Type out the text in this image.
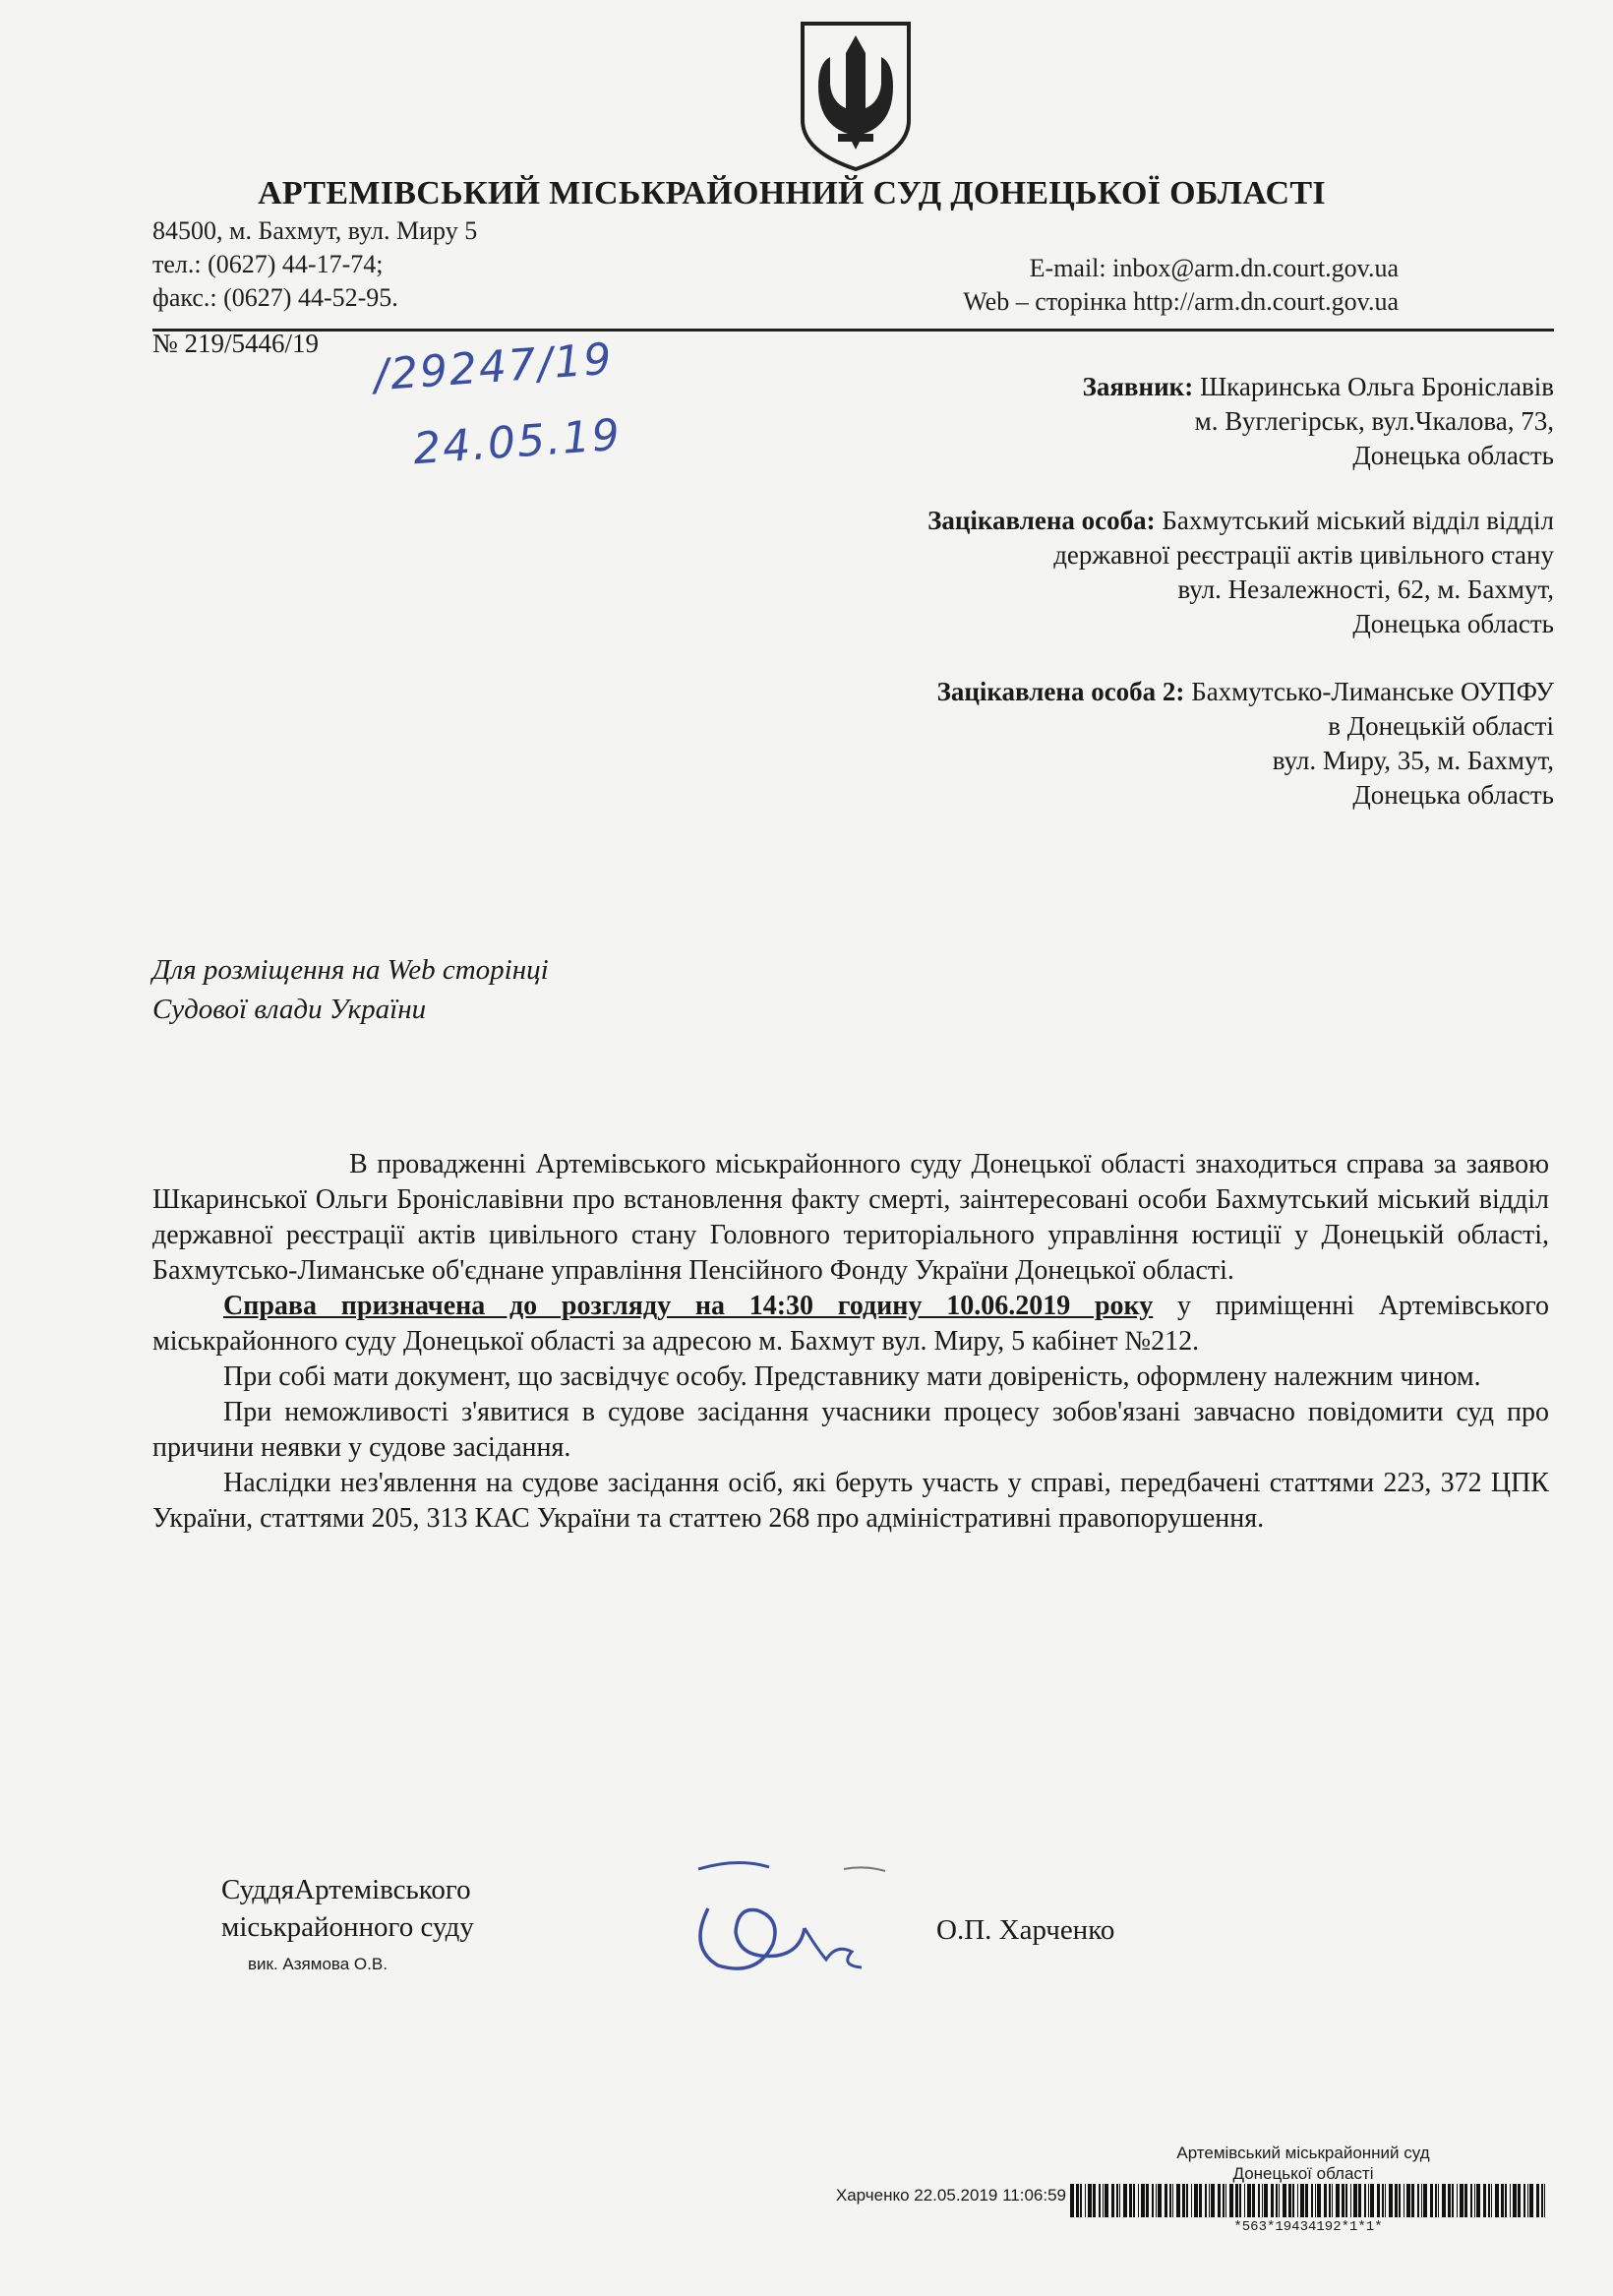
АРТЕМІВСЬКИЙ МІСЬКРАЙОННИЙ СУД ДОНЕЦЬКОЇ ОБЛАСТІ
84500, м. Бахмут, вул. Миру 5
тел.: (0627) 44-17-74;
факс.: (0627) 44-52-95.
E-mail: inbox@arm.dn.court.gov.ua
Web – сторінка http://arm.dn.court.gov.ua
№ 219/5446/19 /29247/19
24.05.19
Заявник: Шкаринська Ольга Броніславів
м. Вуглегірськ, вул.Чкалова, 73,
Донецька область
Зацікавлена особа: Бахмутський міський відділ відділ
державної реєстрації актів цивільного стану
вул. Незалежності, 62, м. Бахмут,
Донецька область
Зацікавлена особа 2: Бахмутсько-Лиманське ОУПФУ
в Донецькій області
вул. Миру, 35, м. Бахмут,
Донецька область
Для розміщення на Web сторінці
Судової влади України

В провадженні Артемівського міськрайонного суду Донецької області знаходиться справа за заявою Шкаринської Ольги Броніславівни про встановлення факту смерті, заінтересовані особи Бахмутський міський відділ державної реєстрації актів цивільного стану Головного територіального управління юстиції у Донецькій області, Бахмутсько-Лиманське об'єднане управління Пенсійного Фонду України Донецької області.

Справа призначена до розгляду на 14:30 годину 10.06.2019 року у приміщенні Артемівського міськрайонного суду Донецької області за адресою м. Бахмут вул. Миру, 5 кабінет №212.

При собі мати документ, що засвідчує особу. Представнику мати довіреність, оформлену належним чином.

При неможливості з'явитися в судове засідання учасники процесу зобов'язані завчасно повідомити суд про причини неявки у судове засідання.

Наслідки нез'явлення на судове засідання осіб, які беруть участь у справі, передбачені статтями 223, 372 ЦПК України, статтями 205, 313 КАС України та статтею 268 про адміністративні правопорушення.

СуддяАртемівського
міськрайонного суду
вик. Азямова О.В.
О.П. Харченко
Артемівський міськрайонний суд
Донецької області
Харченко 22.05.2019 11:06:59
*563*19434192*1*1*
